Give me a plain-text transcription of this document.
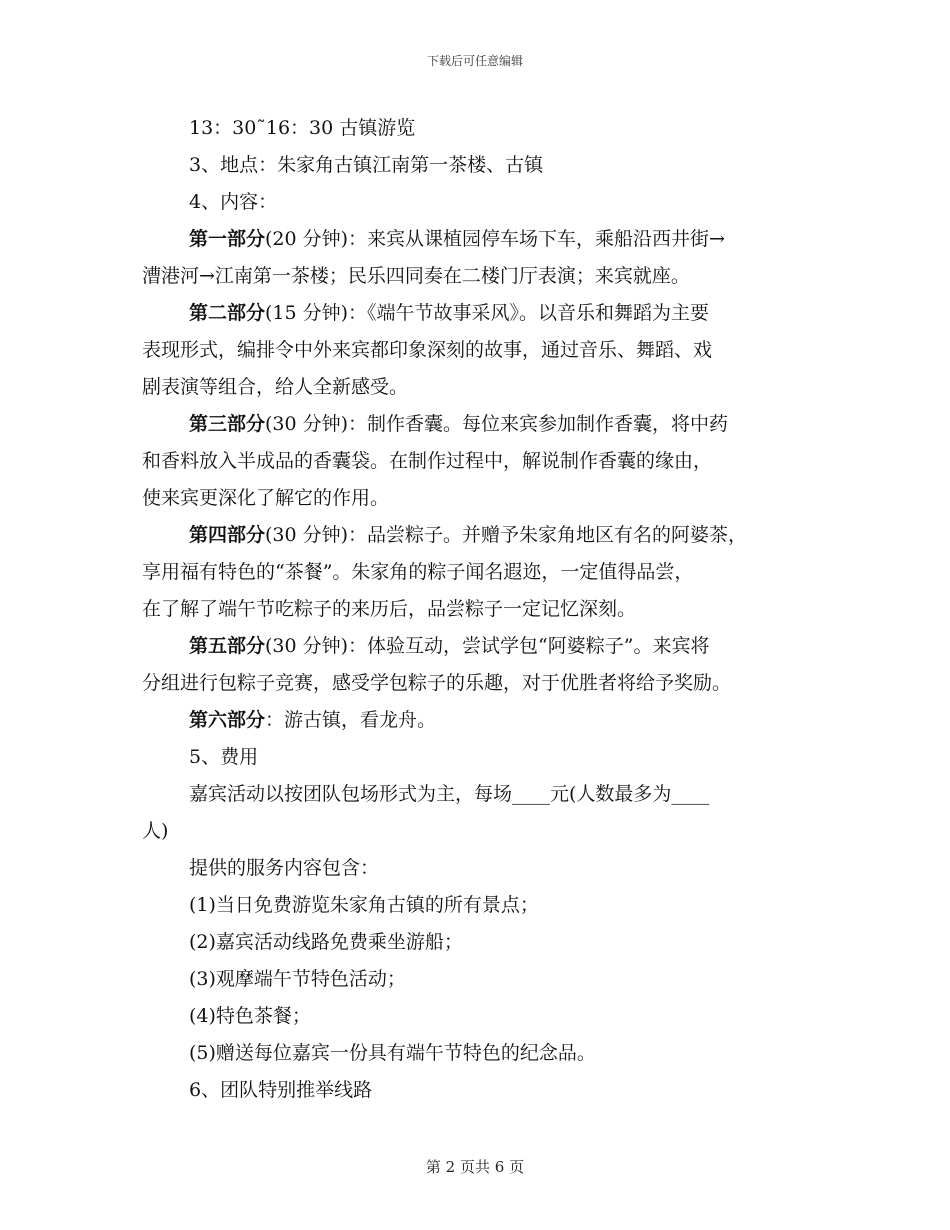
下载后可任意编辑

13：30˜16：30 古镇游览

3、地点：朱家角古镇江南第一茶楼、古镇

4、内容：

第一部分(20 分钟)：来宾从课植园停车场下车，乘船沿西井街→

漕港河→江南第一茶楼；民乐四同奏在二楼门厅表演；来宾就座。

第二部分(15 分钟)：《端午节故事采风》。以音乐和舞蹈为主要

表现形式，编排令中外来宾都印象深刻的故事，通过音乐、舞蹈、戏

剧表演等组合，给人全新感受。

第三部分(30 分钟)：制作香囊。每位来宾参加制作香囊，将中药

和香料放入半成品的香囊袋。在制作过程中，解说制作香囊的缘由，

使来宾更深化了解它的作用。

第四部分(30 分钟)：品尝粽子。并赠予朱家角地区有名的阿婆茶，

享用福有特色的“茶餐”。朱家角的粽子闻名遐迩，一定值得品尝，

在了解了端午节吃粽子的来历后，品尝粽子一定记忆深刻。

第五部分(30 分钟)：体验互动，尝试学包“阿婆粽子”。来宾将

分组进行包粽子竞赛，感受学包粽子的乐趣，对于优胜者将给予奖励。

第六部分：游古镇，看龙舟。

5、费用

嘉宾活动以按团队包场形式为主，每场____元(人数最多为____

人)

提供的服务内容包含：

(1)当日免费游览朱家角古镇的所有景点；

(2)嘉宾活动线路免费乘坐游船；

(3)观摩端午节特色活动；

(4)特色茶餐；

(5)赠送每位嘉宾一份具有端午节特色的纪念品。

6、团队特别推举线路

第 2 页共 6 页
